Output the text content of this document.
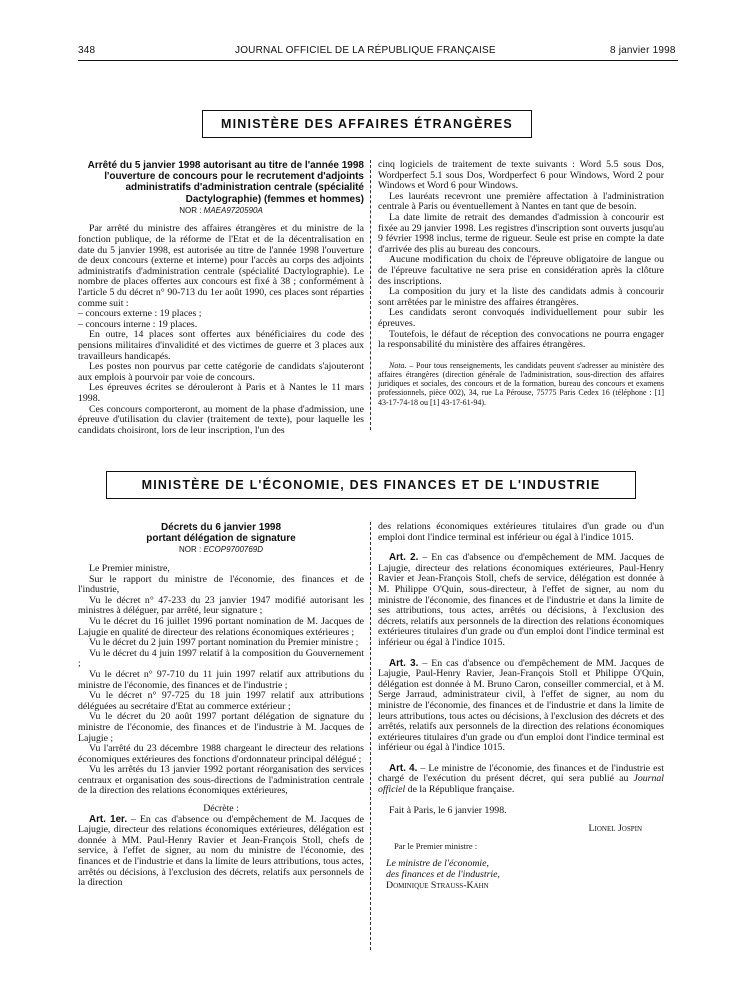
348	JOURNAL OFFICIEL DE LA RÉPUBLIQUE FRANÇAISE	8 janvier 1998
MINISTÈRE DES AFFAIRES ÉTRANGÈRES
Arrêté du 5 janvier 1998 autorisant au titre de l'année 1998 l'ouverture de concours pour le recrutement d'adjoints administratifs d'administration centrale (spécialité Dactylographie) (femmes et hommes)
NOR : MAEA9720590A

Par arrêté du ministre des affaires étrangères et du ministre de la fonction publique, de la réforme de l'Etat et de la décentralisation en date du 5 janvier 1998, est autorisée au titre de l'année 1998 l'ouverture de deux concours (externe et interne) pour l'accès au corps des adjoints administratifs d'administration centrale (spécialité Dactylographie). Le nombre de places offertes aux concours est fixé à 38 ; conformément à l'article 5 du décret n° 90-713 du 1er août 1990, ces places sont réparties comme suit :

– concours externe : 19 places ;

– concours interne : 19 places.

En outre, 14 places sont offertes aux bénéficiaires du code des pensions militaires d'invalidité et des victimes de guerre et 3 places aux travailleurs handicapés.

Les postes non pourvus par cette catégorie de candidats s'ajouteront aux emplois à pourvoir par voie de concours.

Les épreuves écrites se dérouleront à Paris et à Nantes le 11 mars 1998.

Ces concours comporteront, au moment de la phase d'admission, une épreuve d'utilisation du clavier (traitement de texte), pour laquelle les candidats choisiront, lors de leur inscription, l'un des

cinq logiciels de traitement de texte suivants : Word 5.5 sous Dos, Wordperfect 5.1 sous Dos, Wordperfect 6 pour Windows, Word 2 pour Windows et Word 6 pour Windows.

Les lauréats recevront une première affectation à l'administration centrale à Paris ou éventuellement à Nantes en tant que de besoin.

La date limite de retrait des demandes d'admission à concourir est fixée au 29 janvier 1998. Les registres d'inscription sont ouverts jusqu'au 9 février 1998 inclus, terme de rigueur. Seule est prise en compte la date d'arrivée des plis au bureau des concours.

Aucune modification du choix de l'épreuve obligatoire de langue ou de l'épreuve facultative ne sera prise en considération après la clôture des inscriptions.

La composition du jury et la liste des candidats admis à concourir sont arrêtées par le ministre des affaires étrangères.

Les candidats seront convoqués individuellement pour subir les épreuves.

Toutefois, le défaut de réception des convocations ne pourra engager la responsabilité du ministère des affaires étrangères.

Nota. – Pour tous renseignements, les candidats peuvent s'adresser au ministère des affaires étrangères (direction générale de l'administration, sous-direction des affaires juridiques et sociales, des concours et de la formation, bureau des concours et examens professionnels, pièce 002), 34, rue La Pérouse, 75775 Paris Cedex 16 (téléphone : [1] 43-17-74-18 ou [1] 43-17-61-94).
MINISTÈRE DE L'ÉCONOMIE, DES FINANCES ET DE L'INDUSTRIE
Décrets du 6 janvier 1998
portant délégation de signature
NOR : ECOP9700769D

Le Premier ministre,

Sur le rapport du ministre de l'économie, des finances et de l'industrie,

Vu le décret n° 47-233 du 23 janvier 1947 modifié autorisant les ministres à déléguer, par arrêté, leur signature ;

Vu le décret du 16 juillet 1996 portant nomination de M. Jacques de Lajugie en qualité de directeur des relations économiques extérieures ;

Vu le décret du 2 juin 1997 portant nomination du Premier ministre ;

Vu le décret du 4 juin 1997 relatif à la composition du Gouvernement ;

Vu le décret n° 97-710 du 11 juin 1997 relatif aux attributions du ministre de l'économie, des finances et de l'industrie ;

Vu le décret n° 97-725 du 18 juin 1997 relatif aux attributions déléguées au secrétaire d'Etat au commerce extérieur ;

Vu le décret du 20 août 1997 portant délégation de signature du ministre de l'économie, des finances et de l'industrie à M. Jacques de Lajugie ;

Vu l'arrêté du 23 décembre 1988 chargeant le directeur des relations économiques extérieures des fonctions d'ordonnateur principal délégué ;

Vu les arrêtés du 13 janvier 1992 portant réorganisation des services centraux et organisation des sous-directions de l'administration centrale de la direction des relations économiques extérieures,

Décrète :

Art. 1er. – En cas d'absence ou d'empêchement de M. Jacques de Lajugie, directeur des relations économiques extérieures, délégation est donnée à MM. Paul-Henry Ravier et Jean-François Stoll, chefs de service, à l'effet de signer, au nom du ministre de l'économie, des finances et de l'industrie et dans la limite de leurs attributions, tous actes, arrêtés ou décisions, à l'exclusion des décrets, relatifs aux personnels de la direction

des relations économiques extérieures titulaires d'un grade ou d'un emploi dont l'indice terminal est inférieur ou égal à l'indice 1015.

Art. 2. – En cas d'absence ou d'empêchement de MM. Jacques de Lajugie, directeur des relations économiques extérieures, Paul-Henry Ravier et Jean-François Stoll, chefs de service, délégation est donnée à M. Philippe O'Quin, sous-directeur, à l'effet de signer, au nom du ministre de l'économie, des finances et de l'industrie et dans la limite de ses attributions, tous actes, arrêtés ou décisions, à l'exclusion des décrets, relatifs aux personnels de la direction des relations économiques extérieures titulaires d'un grade ou d'un emploi dont l'indice terminal est inférieur ou égal à l'indice 1015.

Art. 3. – En cas d'absence ou d'empêchement de MM. Jacques de Lajugie, Paul-Henry Ravier, Jean-François Stoll et Philippe O'Quin, délégation est donnée à M. Bruno Caron, conseiller commercial, et à M. Serge Jarraud, administrateur civil, à l'effet de signer, au nom du ministre de l'économie, des finances et de l'industrie et dans la limite de leurs attributions, tous actes ou décisions, à l'exclusion des décrets et des arrêtés, relatifs aux personnels de la direction des relations économiques extérieures titulaires d'un grade ou d'un emploi dont l'indice terminal est inférieur ou égal à l'indice 1015.

Art. 4. – Le ministre de l'économie, des finances et de l'industrie est chargé de l'exécution du présent décret, qui sera publié au Journal officiel de la République française.

Fait à Paris, le 6 janvier 1998.

Lionel Jospin
Par le Premier ministre :
Le ministre de l'économie,
des finances et de l'industrie,
Dominique Strauss-Kahn
